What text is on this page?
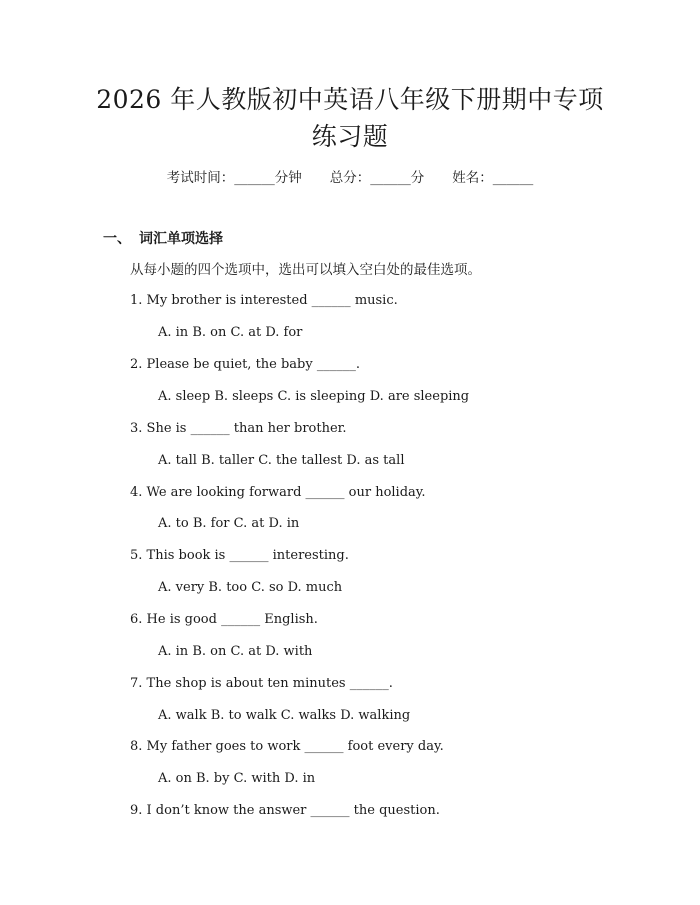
2026 年人教版初中英语八年级下册期中专项
练习题
考试时间：______分钟 总分：______分 姓名：______
一、 词汇单项选择
从每小题的四个选项中，选出可以填入空白处的最佳选项。
1. My brother is interested ______ music.
A. in B. on C. at D. for
2. Please be quiet, the baby ______.
A. sleep B. sleeps C. is sleeping D. are sleeping
3. She is ______ than her brother.
A. tall B. taller C. the tallest D. as tall
4. We are looking forward ______ our holiday.
A. to B. for C. at D. in
5. This book is ______ interesting.
A. very B. too C. so D. much
6. He is good ______ English.
A. in B. on C. at D. with
7. The shop is about ten minutes ______.
A. walk B. to walk C. walks D. walking
8. My father goes to work ______ foot every day.
A. on B. by C. with D. in
9. I don’t know the answer ______ the question.
